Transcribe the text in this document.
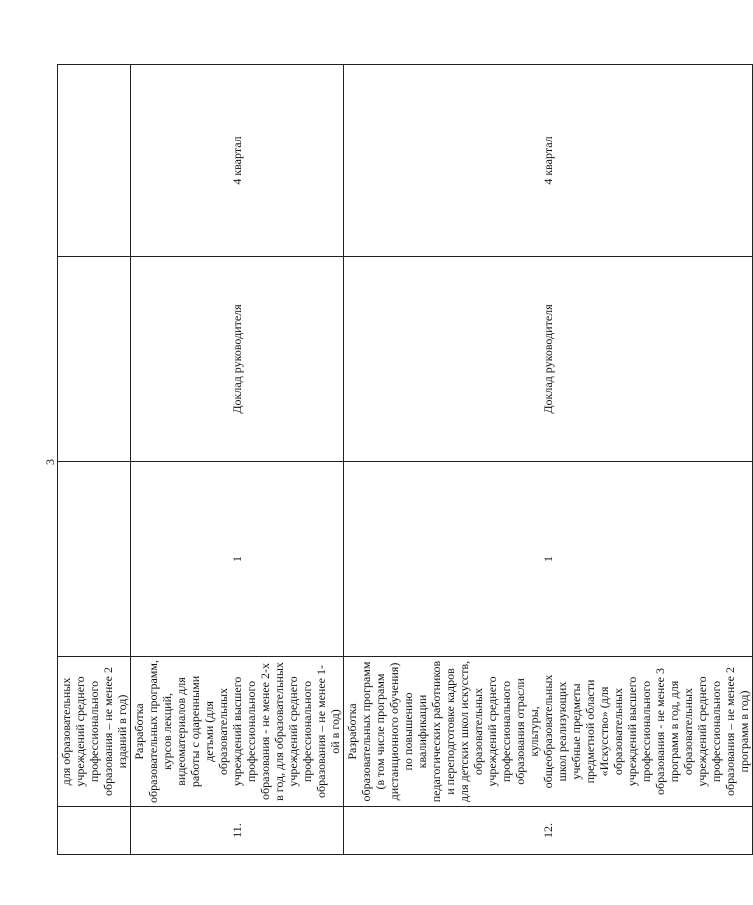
3
	для образовательных учреждений среднего профессионального образования – не менее 2 изданий в год)			
11.	Разработка образовательных программ, курсов лекций, видеоматериалов для работы с одаренными детьми (для образовательных учреждений высшего профессионального образования - не менее 2-х в год, для образовательных учреждений среднего профессионального образования – не менее 1-ой в год)	1	Доклад руководителя	4 квартал
12.	Разработка образовательных программ (в том числе программ дистанционного обучения) по повышению квалификации педагогических работников и переподготовке кадров для детских школ искусств, образовательных учреждений среднего профессионального образования отрасли культуры, общеобразовательных школ реализующих учебные предметы предметной области «Искусство» (для образовательных учреждений высшего профессионального образования - не менее 3 программ в год, для образовательных учреждений среднего профессионального образования – не менее 2 программ в год)	1	Доклад руководителя	4 квартал
